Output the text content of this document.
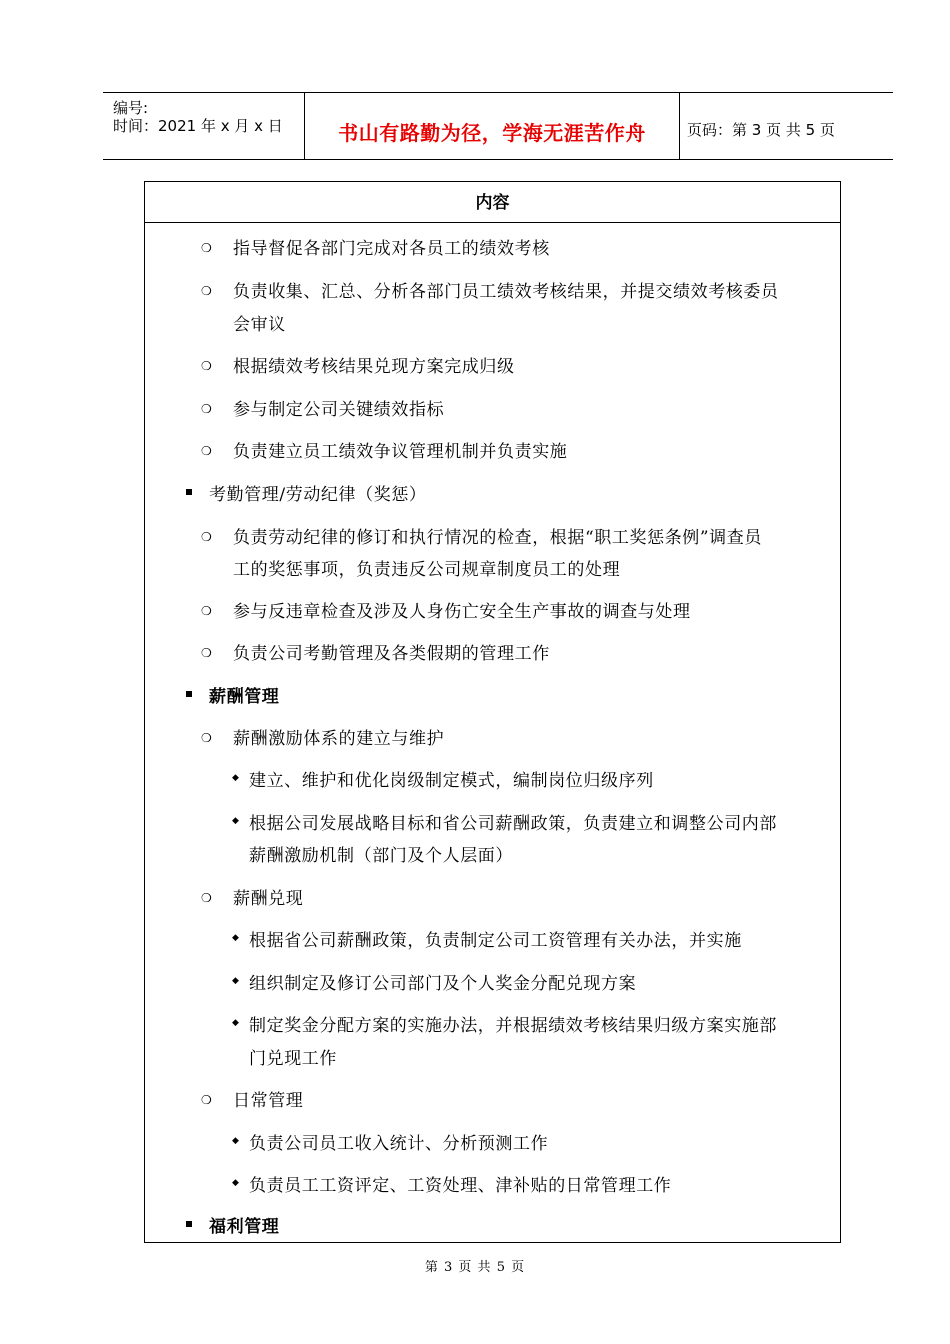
编号:
时间：2021 年 x 月 x 日	书山有路勤为径，学海无涯苦作舟	页码：第 3 页 共 5 页
内容
❍ 指导督促各部门完成对各员工的绩效考核
❍ 负责收集、汇总、分析各部门员工绩效考核结果，并提交绩效考核委员
会审议
❍ 根据绩效考核结果兑现方案完成归级
❍ 参与制定公司关键绩效指标
❍ 负责建立员工绩效争议管理机制并负责实施
考勤管理/劳动纪律（奖惩）
❍ 负责劳动纪律的修订和执行情况的检查，根据“职工奖惩条例”调查员
工的奖惩事项，负责违反公司规章制度员工的处理
❍ 参与反违章检查及涉及人身伤亡安全生产事故的调查与处理
❍ 负责公司考勤管理及各类假期的管理工作
薪酬管理
❍ 薪酬激励体系的建立与维护
◆ 建立、维护和优化岗级制定模式，编制岗位归级序列
◆ 根据公司发展战略目标和省公司薪酬政策，负责建立和调整公司内部
薪酬激励机制（部门及个人层面）
❍ 薪酬兑现
◆ 根据省公司薪酬政策，负责制定公司工资管理有关办法，并实施
◆ 组织制定及修订公司部门及个人奖金分配兑现方案
◆ 制定奖金分配方案的实施办法，并根据绩效考核结果归级方案实施部
门兑现工作
❍ 日常管理
◆ 负责公司员工收入统计、分析预测工作
◆ 负责员工工资评定、工资处理、津补贴的日常管理工作
福利管理
第 3 页 共 5 页
